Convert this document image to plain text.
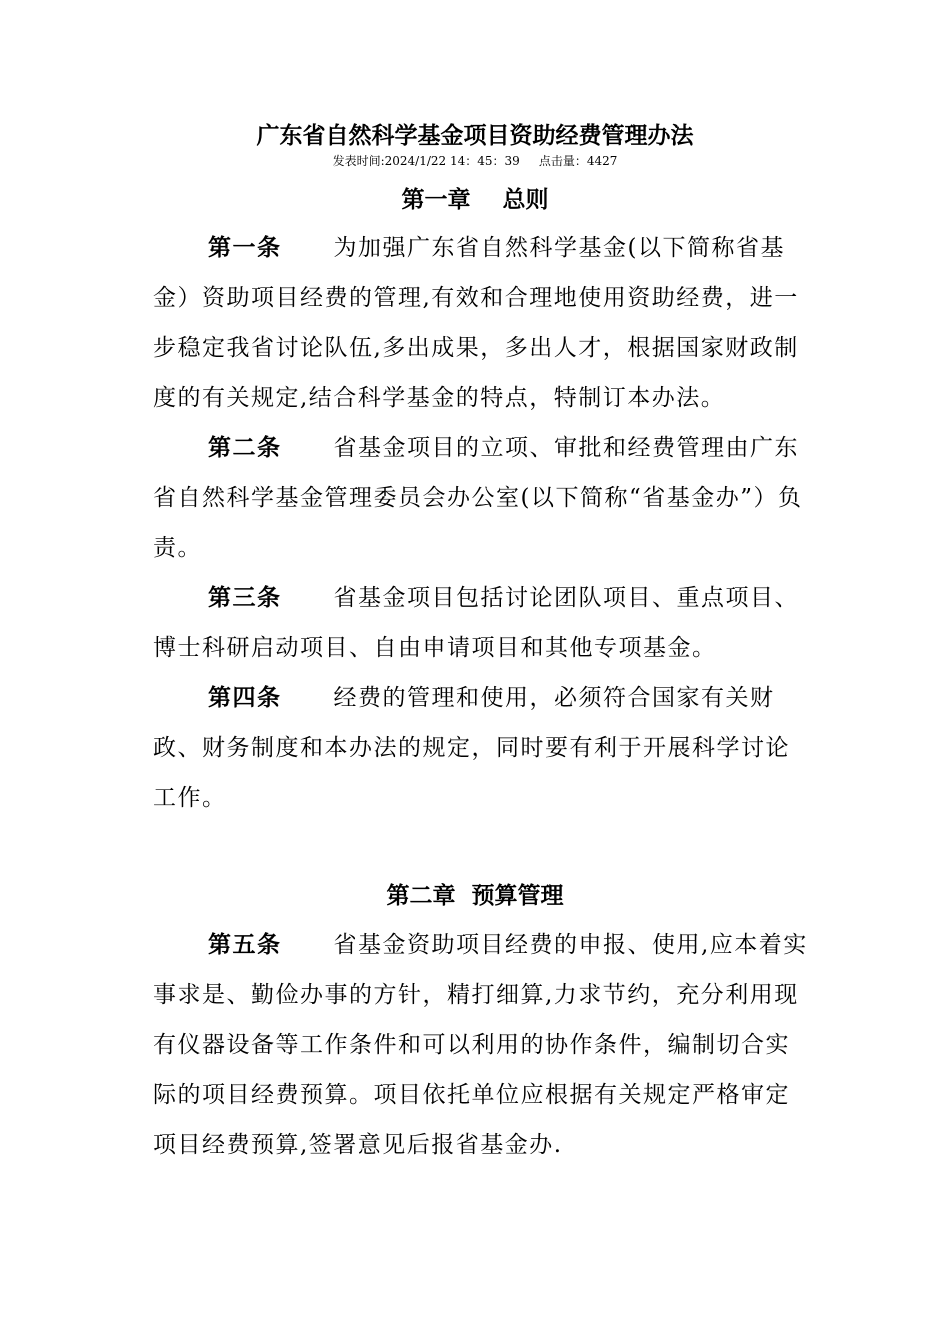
广东省自然科学基金项目资助经费管理办法
发表时间:2024/1/22 14：45：39     点击量：4427
第一章    总则

第一条 为加强广东省自然科学基金(以下简称省基金）资助项目经费的管理,有效和合理地使用资助经费，进一步稳定我省讨论队伍,多出成果，多出人才，根据国家财政制度的有关规定,结合科学基金的特点，特制订本办法。

第二条 省基金项目的立项、审批和经费管理由广东省自然科学基金管理委员会办公室(以下简称“省基金办”）负责。

第三条 省基金项目包括讨论团队项目、重点项目、博士科研启动项目、自由申请项目和其他专项基金。

第四条 经费的管理和使用，必须符合国家有关财政、财务制度和本办法的规定，同时要有利于开展科学讨论工作。

第二章  预算管理

第五条 省基金资助项目经费的申报、使用,应本着实事求是、勤俭办事的方针，精打细算,力求节约，充分利用现有仪器设备等工作条件和可以利用的协作条件，编制切合实际的项目经费预算。项目依托单位应根据有关规定严格审定项目经费预算,签署意见后报省基金办.
